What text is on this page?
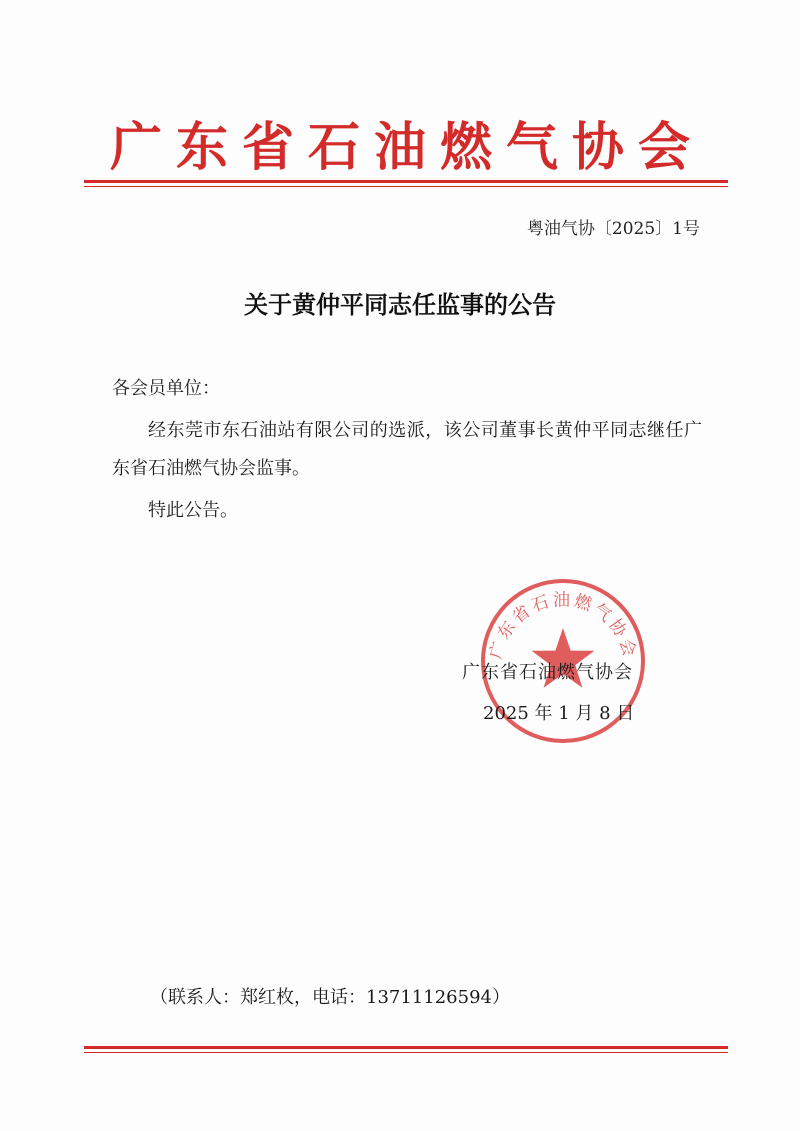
广东省石油燃气协会
粤油气协〔2025〕1号
关于黄仲平同志任监事的公告
各会员单位：
经东莞市东石油站有限公司的选派，该公司董事长黄仲平同志继任广东省石油燃气协会监事。
特此公告。
广东省石油燃气协会
广东省石油燃气协会
2025 年 1 月 8 日
（联系人：郑红枚，电话：13711126594）
